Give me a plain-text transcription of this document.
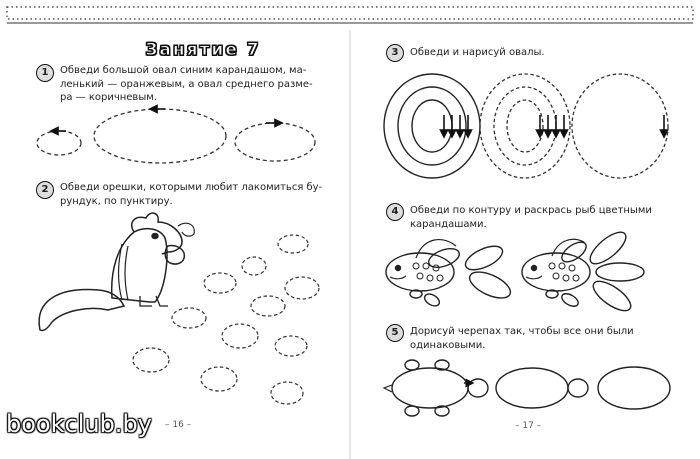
Занятие 7
1	Обведи большой овал синим карандашом, ма-
ленький — оранжевым, а овал среднего разме-
ра — коричневым.
2	Обведи орешки, которыми любит лакомиться бу-
рундук, по пунктиру.
– 16 –
3	Обведи и нарисуй овалы.
4	Обведи по контуру и раскрась рыб цветными
карандашами.
5	Дорисуй черепах так, чтобы все они были
одинаковыми.
– 17 –
bookclub.by
